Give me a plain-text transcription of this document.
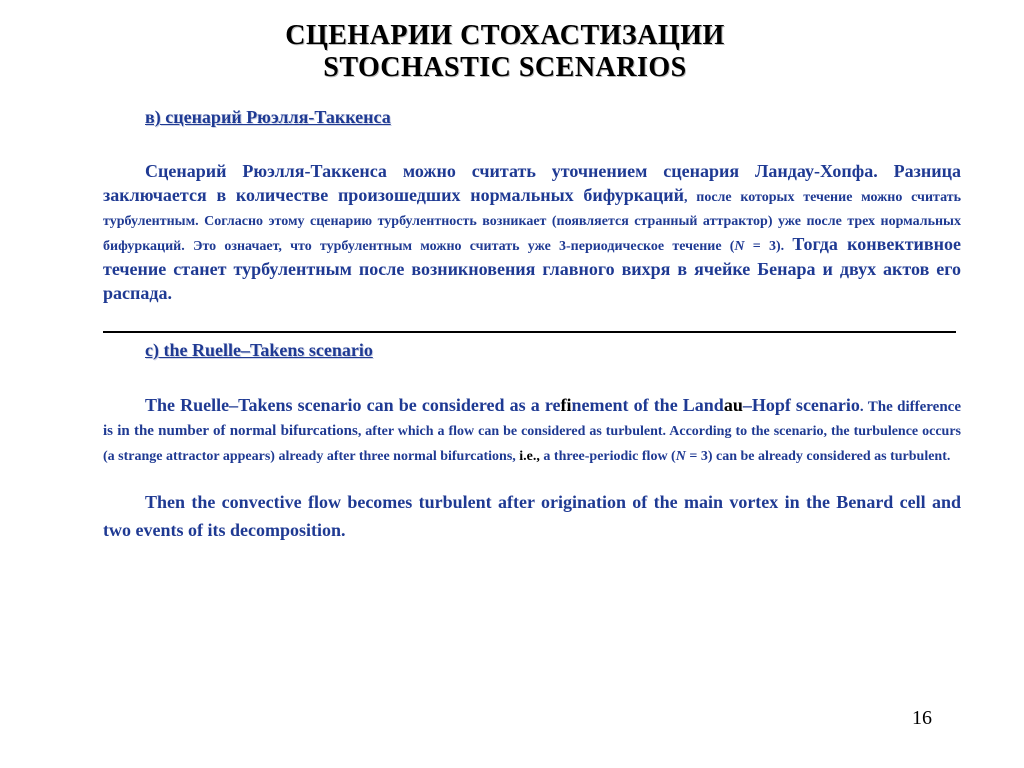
СЦЕНАРИИ СТОХАСТИЗАЦИИ
STOCHASTIC SCENARIOS
в) сценарий Рюэлля-Таккенса
Сценарий Рюэлля-Таккенса можно считать уточнением сценария Ландау-Хопфа. Разница заключается в количестве произошедших нормальных бифуркаций, после которых течение можно считать турбулентным. Согласно этому сценарию турбулентность возникает (появляется странный аттрактор) уже после трех нормальных бифуркаций. Это означает, что турбулентным можно считать уже 3-периодическое течение (N = 3). Тогда конвективное течение станет турбулентным после возникновения главного вихря в ячейке Бенара и двух актов его распада.
c) the Ruelle–Takens scenario
The Ruelle–Takens scenario can be considered as a refinement of the Landau–Hopf scenario. The difference is in the number of normal bifurcations, after which a flow can be considered as turbulent. According to the scenario, the turbulence occurs (a strange attractor appears) already after three normal bifurcations, i.e., a three-periodic flow (N = 3) can be already considered as turbulent.
Then the convective flow becomes turbulent after origination of the main vortex in the Benard cell and two events of its decomposition.
16
